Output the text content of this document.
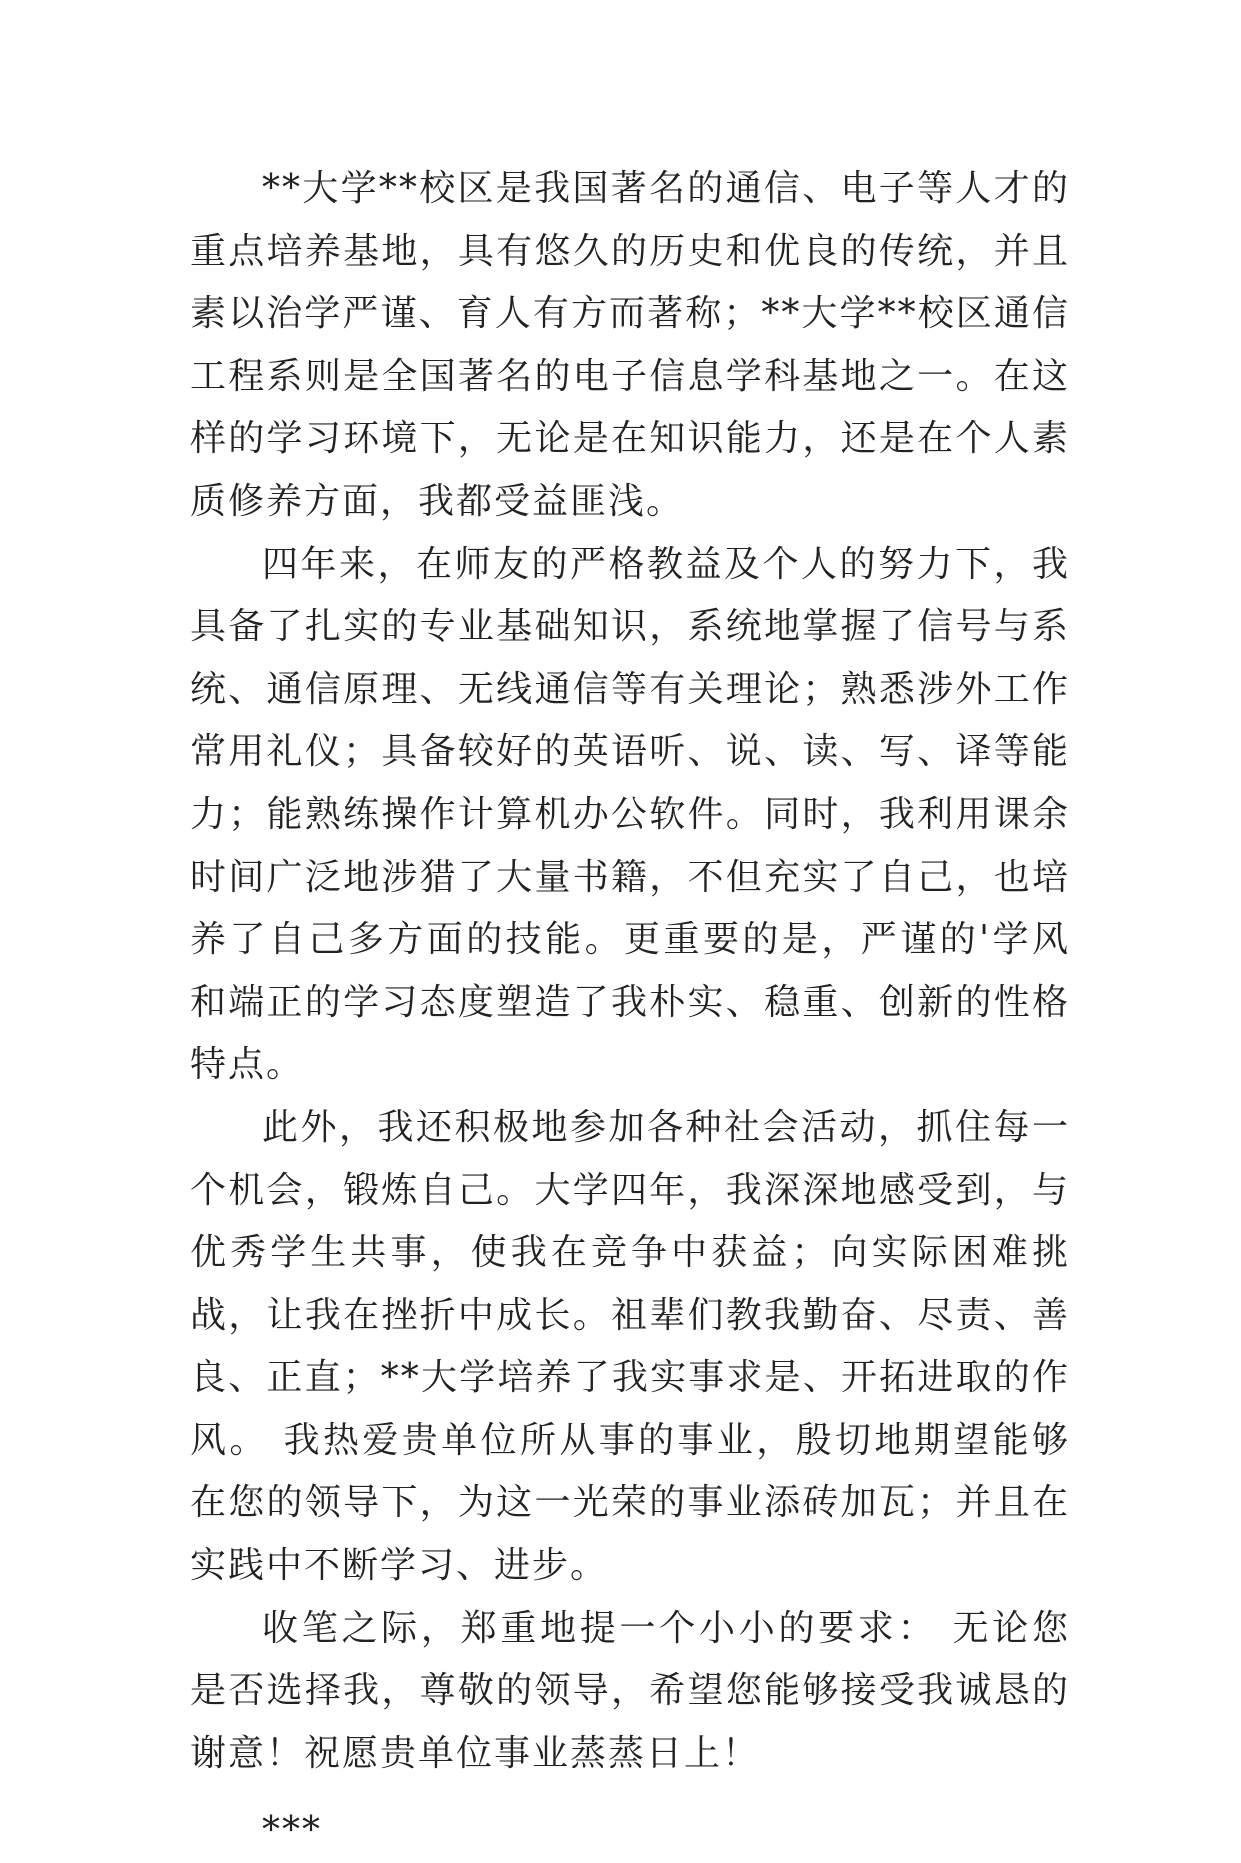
**大学**校区是我国著名的通信、电子等人才的重点培养基地，具有悠久的历史和优良的传统，并且素以治学严谨、育人有方而著称；**大学**校区通信工程系则是全国著名的电子信息学科基地之一。在这样的学习环境下，无论是在知识能力，还是在个人素质修养方面，我都受益匪浅。

四年来，在师友的严格教益及个人的努力下，我具备了扎实的专业基础知识，系统地掌握了信号与系统、通信原理、无线通信等有关理论；熟悉涉外工作常用礼仪；具备较好的英语听、说、读、写、译等能力；能熟练操作计算机办公软件。同时，我利用课余时间广泛地涉猎了大量书籍，不但充实了自己，也培养了自己多方面的技能。更重要的是，严谨的'学风和端正的学习态度塑造了我朴实、稳重、创新的性格特点。

此外，我还积极地参加各种社会活动，抓住每一个机会，锻炼自己。大学四年，我深深地感受到，与优秀学生共事，使我在竞争中获益；向实际困难挑战，让我在挫折中成长。祖辈们教我勤奋、尽责、善良、正直；**大学培养了我实事求是、开拓进取的作风。 我热爱贵单位所从事的事业，殷切地期望能够在您的领导下，为这一光荣的事业添砖加瓦；并且在实践中不断学习、进步。

收笔之际，郑重地提一个小小的要求： 无论您是否选择我，尊敬的领导，希望您能够接受我诚恳的谢意！祝愿贵单位事业蒸蒸日上！

***
